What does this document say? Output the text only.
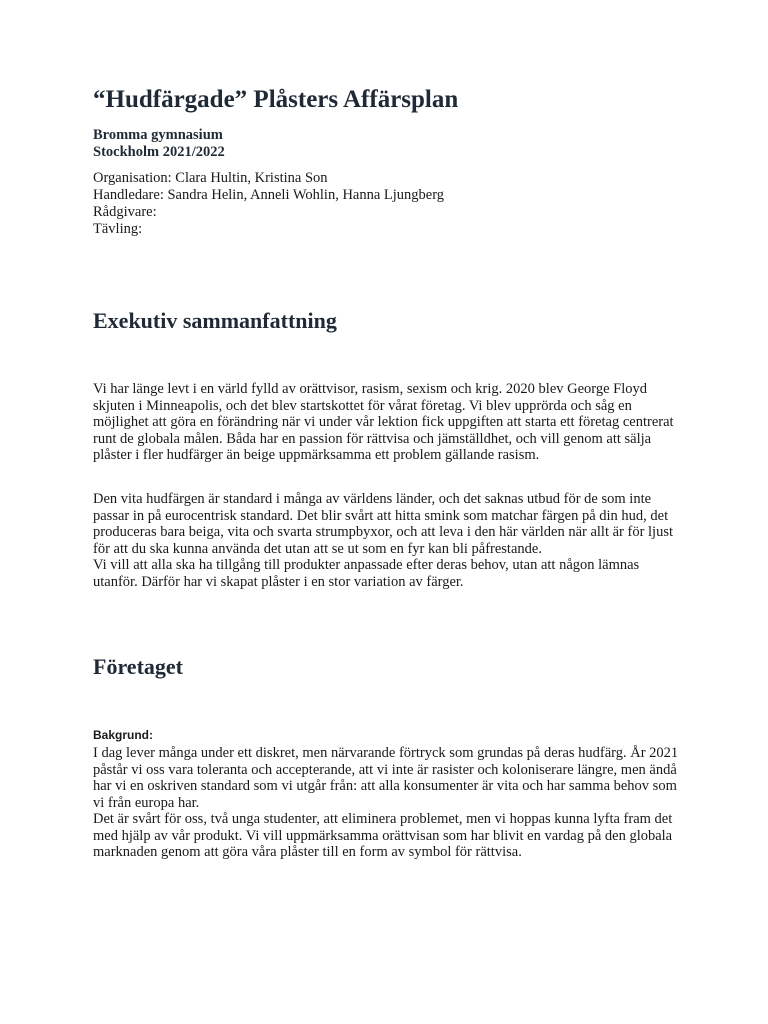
“Hudfärgade” Plåsters Affärsplan
Bromma gymnasium
Stockholm 2021/2022
Organisation: Clara Hultin, Kristina Son
Handledare: Sandra Helin, Anneli Wohlin, Hanna Ljungberg
Rådgivare:
Tävling:
Exekutiv sammanfattning

Vi har länge levt i en värld fylld av orättvisor, rasism, sexism och krig. 2020 blev George Floyd
skjuten i Minneapolis, och det blev startskottet för vårat företag. Vi blev upprörda och såg en
möjlighet att göra en förändring när vi under vår lektion fick uppgiften att starta ett företag centrerat
runt de globala målen. Båda har en passion för rättvisa och jämställdhet, och vill genom att sälja
plåster i fler hudfärger än beige uppmärksamma ett problem gällande rasism.

Den vita hudfärgen är standard i många av världens länder, och det saknas utbud för de som inte
passar in på eurocentrisk standard. Det blir svårt att hitta smink som matchar färgen på din hud, det
produceras bara beiga, vita och svarta strumpbyxor, och att leva i den här världen när allt är för ljust
för att du ska kunna använda det utan att se ut som en fyr kan bli påfrestande.
Vi vill att alla ska ha tillgång till produkter anpassade efter deras behov, utan att någon lämnas
utanför. Därför har vi skapat plåster i en stor variation av färger.

Företaget
Bakgrund:

I dag lever många under ett diskret, men närvarande förtryck som grundas på deras hudfärg. År 2021
påstår vi oss vara toleranta och accepterande, att vi inte är rasister och koloniserare längre, men ändå
har vi en oskriven standard som vi utgår från: att alla konsumenter är vita och har samma behov som
vi från europa har.
Det är svårt för oss, två unga studenter, att eliminera problemet, men vi hoppas kunna lyfta fram det
med hjälp av vår produkt. Vi vill uppmärksamma orättvisan som har blivit en vardag på den globala
marknaden genom att göra våra plåster till en form av symbol för rättvisa.
